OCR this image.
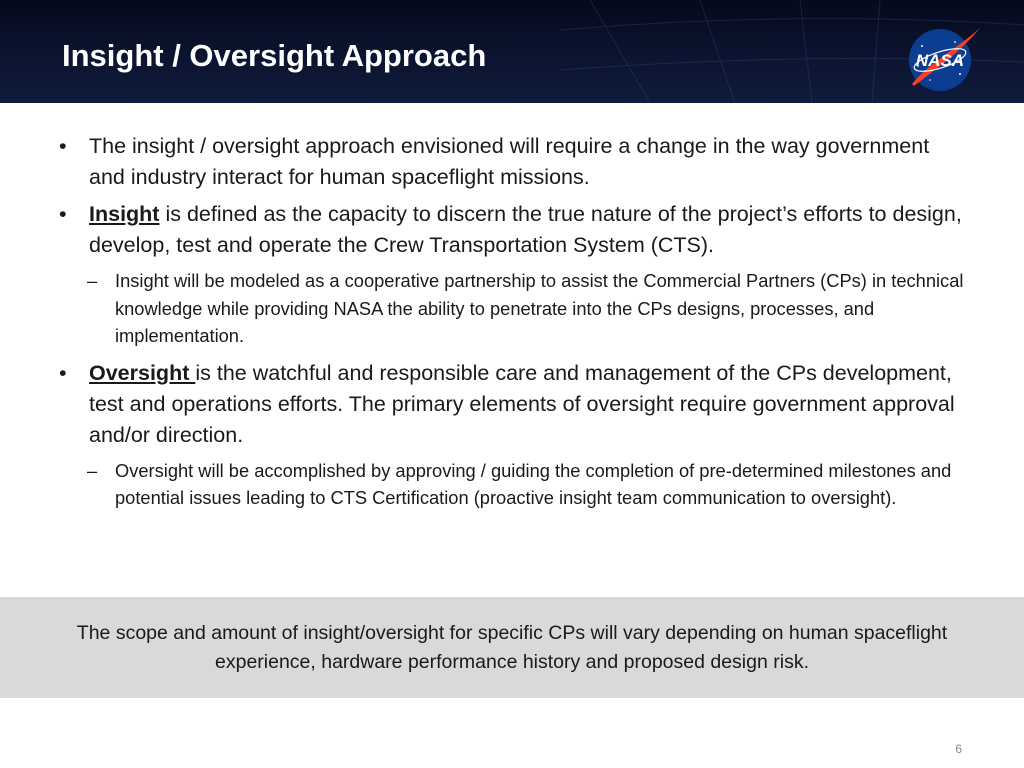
Insight / Oversight Approach	NASA
• The insight / oversight approach envisioned will require a change in the way government and industry interact for human spaceflight missions.
• Insight is defined as the capacity to discern the true nature of the project’s efforts to design, develop, test and operate the Crew Transportation System (CTS).
– Insight will be modeled as a cooperative partnership to assist the Commercial Partners (CPs) in technical knowledge while providing NASA the ability to penetrate into the CPs designs, processes, and implementation.
• Oversight is the watchful and responsible care and management of the CPs development, test and operations efforts. The primary elements of oversight require government approval and/or direction.
– Oversight will be accomplished by approving / guiding the completion of pre-determined milestones and potential issues leading to CTS Certification (proactive insight team communication to oversight).

The scope and amount of insight/oversight for specific CPs will vary depending on human spaceflight experience, hardware performance history and proposed design risk.

6
